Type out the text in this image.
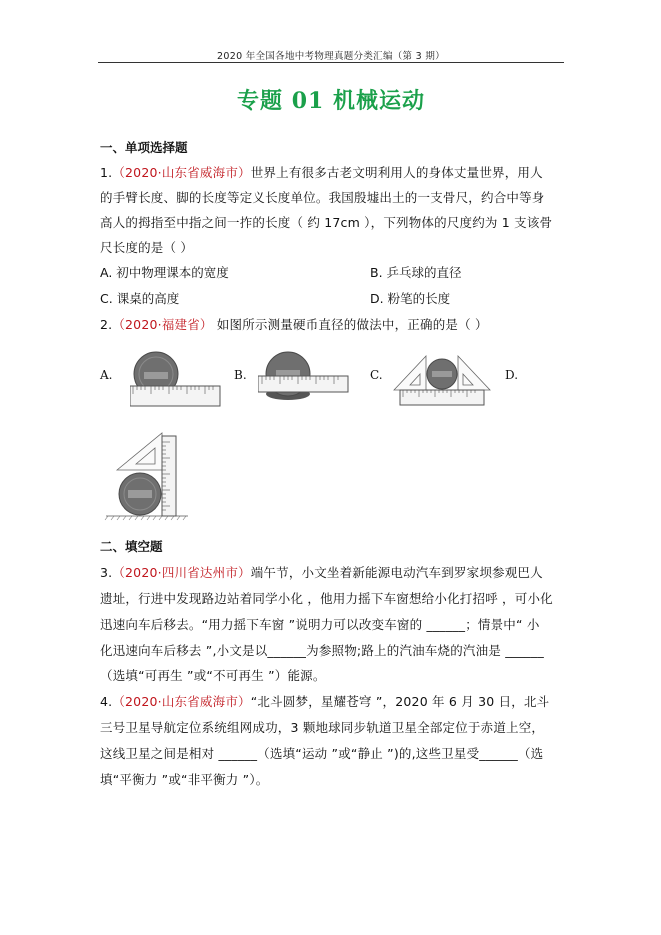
2020 年全国各地中考物理真题分类汇编（第 3 期）
专题 01 机械运动
一、单项选择题
1.（2020·山东省威海市）世界上有很多古老文明利用人的身体丈量世界，用人
的手臂长度、脚的长度等定义长度单位。我国殷墟出土的一支骨尺，约合中等身
高人的拇指至中指之间一拃的长度（ 约 17cm ），下列物体的尺度约为 1 支该骨
尺长度的是（ ）
A. 初中物理课本的宽度	B. 乒乓球的直径
C. 课桌的高度	D. 粉笔的长度
2.（2020·福建省） 如图所示测量硬币直径的做法中，正确的是（ ）
A.	B.	C.	D.
二、填空题
3.（2020·四川省达州市）端午节，小文坐着新能源电动汽车到罗家坝参观巴人
遗址，行进中发现路边站着同学小化 ，他用力摇下车窗想给小化打招呼 ，可小化
迅速向车后移去。“用力摇下车窗 ”说明力可以改变车窗的 ______；情景中“ 小
化迅速向车后移去 ”,小文是以______为参照物;路上的汽油车烧的汽油是 ______
（选填“可再生 ”或“不可再生 ”）能源。
4.（2020·山东省威海市）“北斗圆梦，星耀苍穹 ”，2020 年 6 月 30 日，北斗
三号卫星导航定位系统组网成功，3 颗地球同步轨道卫星全部定位于赤道上空，
这线卫星之间是相对 ______（选填“运动 ”或“静止 ”)的,这些卫星受______（选
填“平衡力 ”或“非平衡力 ”）。
